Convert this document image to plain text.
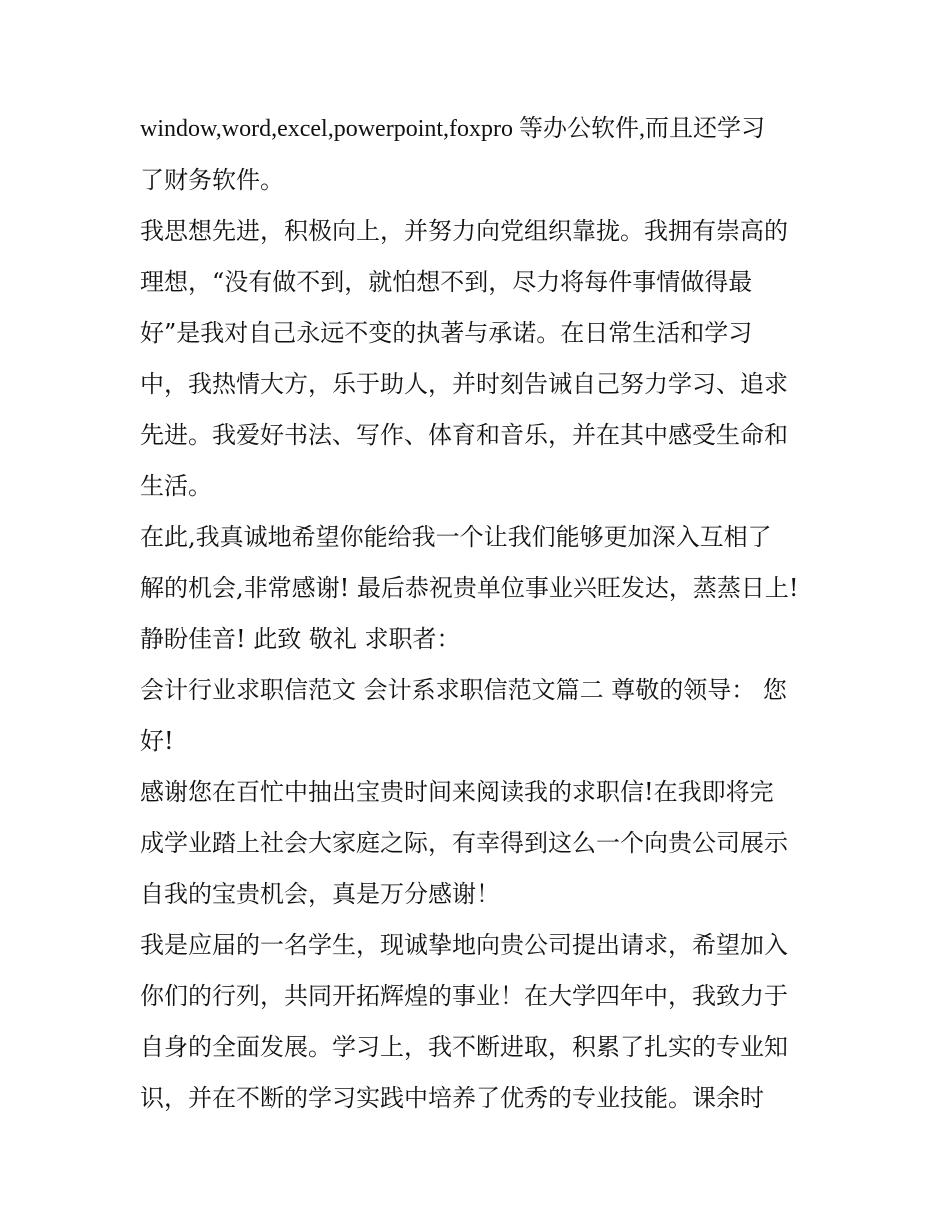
window,word,excel,powerpoint,foxpro 等办公软件,而且还学习
了财务软件。
我思想先进，积极向上，并努力向党组织靠拢。我拥有崇高的
理想，“没有做不到，就怕想不到，尽力将每件事情做得最
好”是我对自己永远不变的执著与承诺。在日常生活和学习
中，我热情大方，乐于助人，并时刻告诫自己努力学习、追求
先进。我爱好书法、写作、体育和音乐，并在其中感受生命和
生活。
在此,我真诚地希望你能给我一个让我们能够更加深入互相了
解的机会,非常感谢! 最后恭祝贵单位事业兴旺发达，蒸蒸日上!
静盼佳音! 此致 敬礼 求职者：
会计行业求职信范文 会计系求职信范文篇二 尊敬的领导： 您
好!
感谢您在百忙中抽出宝贵时间来阅读我的求职信!在我即将完
成学业踏上社会大家庭之际，有幸得到这么一个向贵公司展示
自我的宝贵机会，真是万分感谢！
我是应届的一名学生，现诚挚地向贵公司提出请求，希望加入
你们的行列，共同开拓辉煌的事业！在大学四年中，我致力于
自身的全面发展。学习上，我不断进取，积累了扎实的专业知
识，并在不断的学习实践中培养了优秀的专业技能。课余时
